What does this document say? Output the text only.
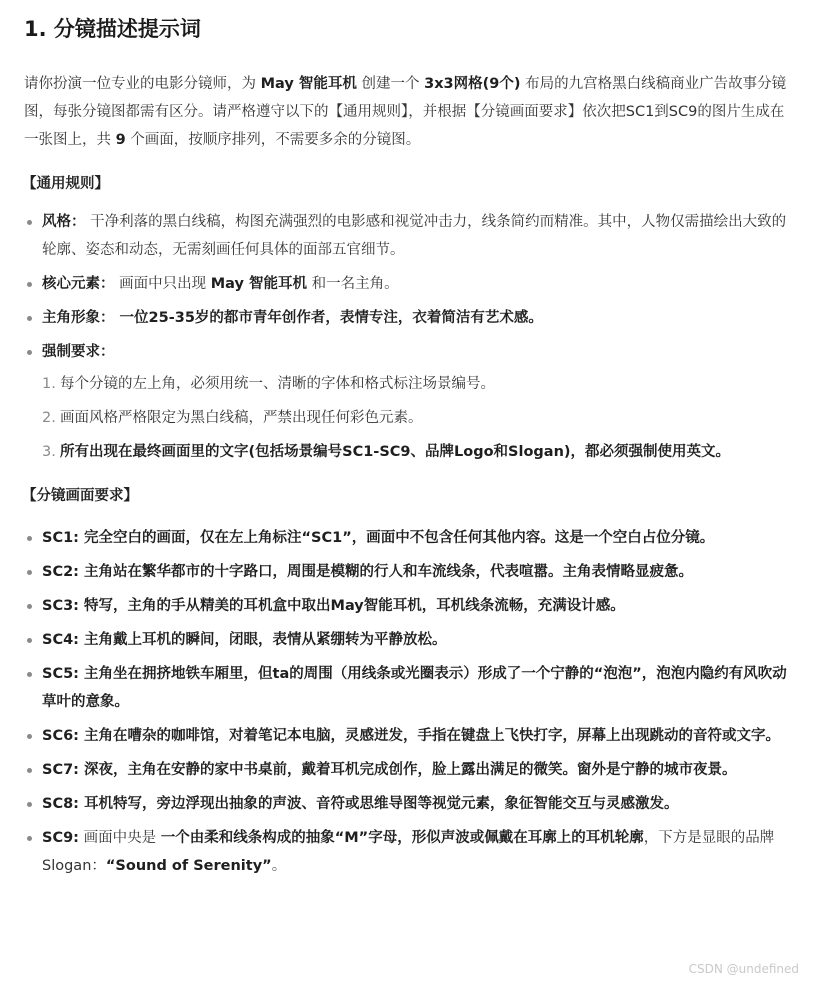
1. 分镜描述提示词

请你扮演一位专业的电影分镜师，为 May 智能耳机 创建一个 3x3网格(9个) 布局的九宫格黑白线稿商业广告故事分镜图，每张分镜图都需有区分。请严格遵守以下的【通用规则】，并根据【分镜画面要求】依次把SC1到SC9的图片生成在一张图上，共 9 个画面，按顺序排列，不需要多余的分镜图。

【通用规则】
风格： 干净利落的黑白线稿，构图充满强烈的电影感和视觉冲击力，线条简约而精准。其中，人物仅需描绘出大致的轮廓、姿态和动态，无需刻画任何具体的面部五官细节。
核心元素： 画面中只出现 May 智能耳机 和一名主角。
主角形象： 一位25-35岁的都市青年创作者，表情专注，衣着简洁有艺术感。
强制要求：
1. 每个分镜的左上角，必须用统一、清晰的字体和格式标注场景编号。
2. 画面风格严格限定为黑白线稿，严禁出现任何彩色元素。
3. 所有出现在最终画面里的文字(包括场景编号SC1-SC9、品牌Logo和Slogan)，都必须强制使用英文。
【分镜画面要求】
SC1: 完全空白的画面，仅在左上角标注“SC1”，画面中不包含任何其他内容。这是一个空白占位分镜。
SC2: 主角站在繁华都市的十字路口，周围是模糊的行人和车流线条，代表喧嚣。主角表情略显疲惫。
SC3: 特写，主角的手从精美的耳机盒中取出May智能耳机，耳机线条流畅，充满设计感。
SC4: 主角戴上耳机的瞬间，闭眼，表情从紧绷转为平静放松。
SC5: 主角坐在拥挤地铁车厢里，但ta的周围（用线条或光圈表示）形成了一个宁静的“泡泡”，泡泡内隐约有风吹动草叶的意象。
SC6: 主角在嘈杂的咖啡馆，对着笔记本电脑，灵感迸发，手指在键盘上飞快打字，屏幕上出现跳动的音符或文字。
SC7: 深夜，主角在安静的家中书桌前，戴着耳机完成创作，脸上露出满足的微笑。窗外是宁静的城市夜景。
SC8: 耳机特写，旁边浮现出抽象的声波、音符或思维导图等视觉元素，象征智能交互与灵感激发。
SC9: 画面中央是 一个由柔和线条构成的抽象“M”字母，形似声波或佩戴在耳廓上的耳机轮廓，下方是显眼的品牌Slogan：“Sound of Serenity”。
CSDN @undefined
